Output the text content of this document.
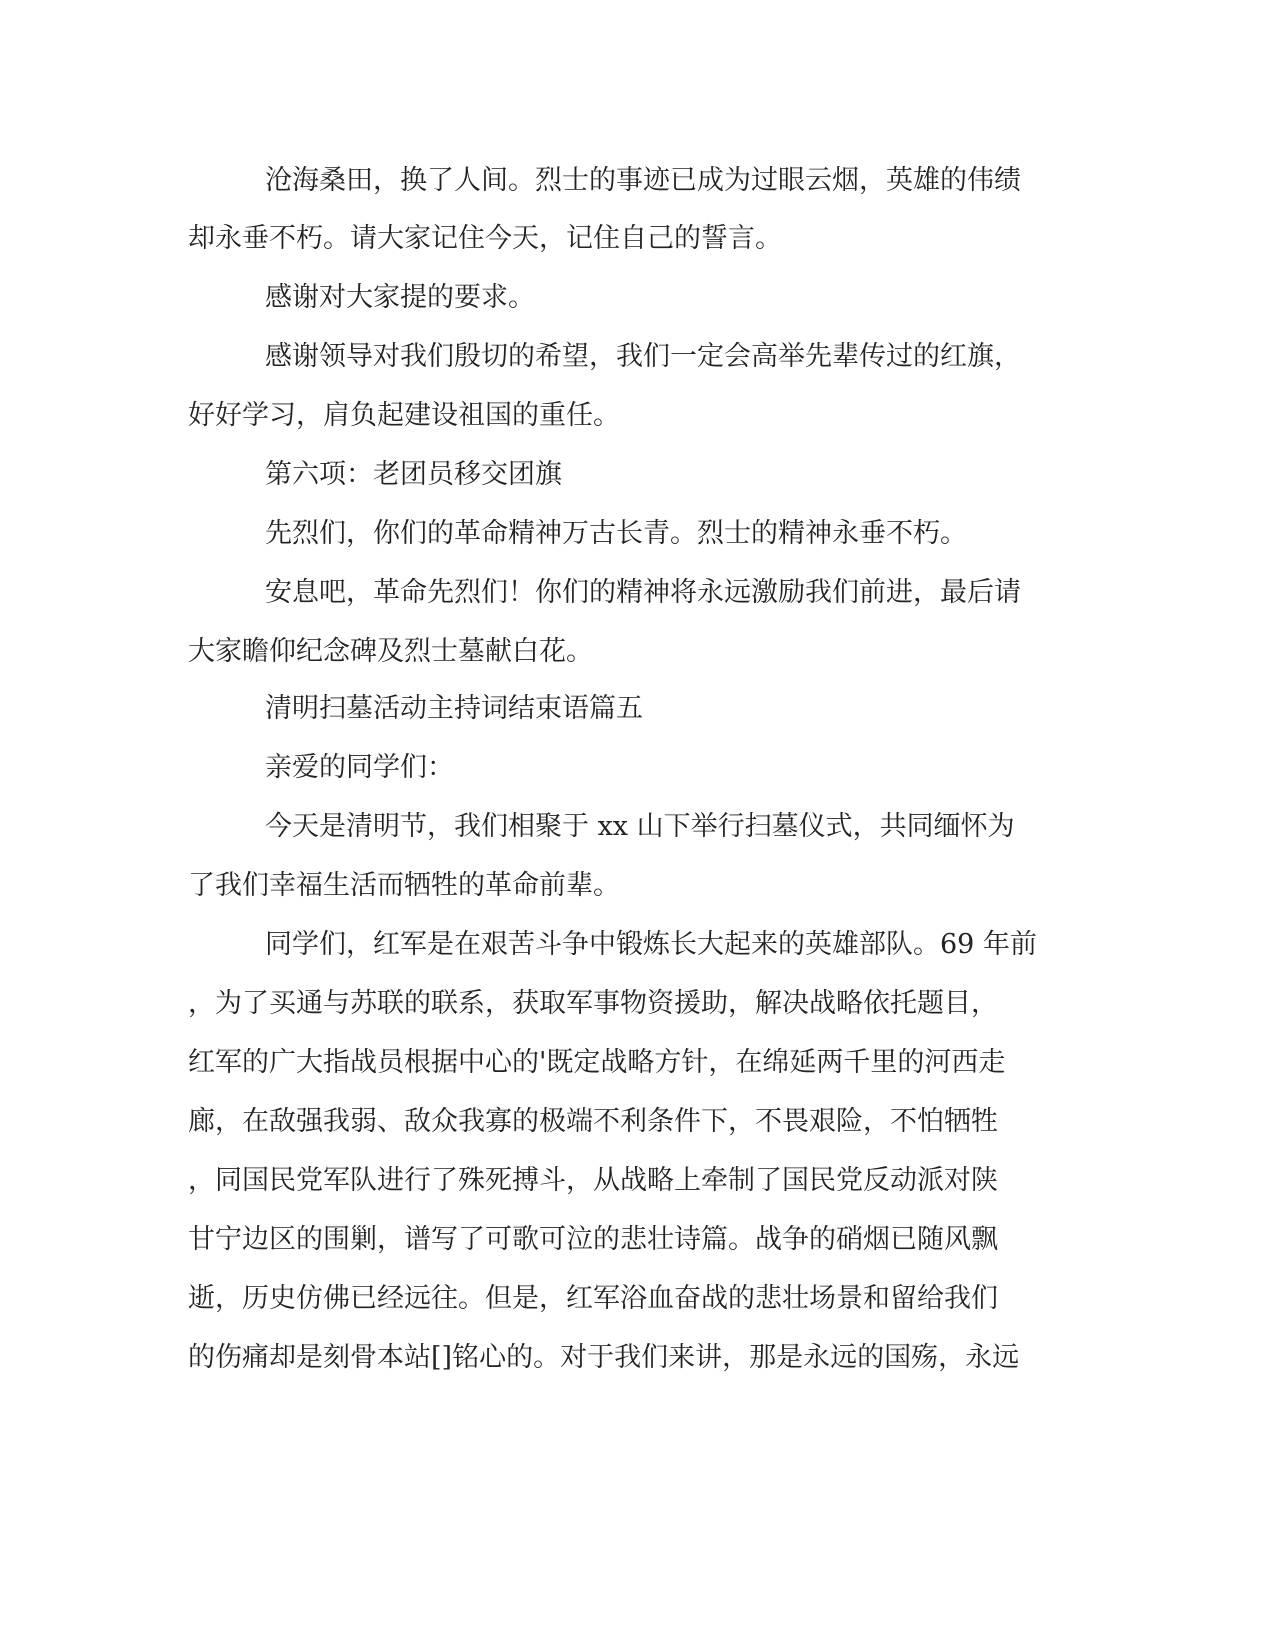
沧海桑田，换了人间。烈士的事迹已成为过眼云烟，英雄的伟绩
却永垂不朽。请大家记住今天，记住自己的誓言。
感谢对大家提的要求。
感谢领导对我们殷切的希望，我们一定会高举先辈传过的红旗，
好好学习，肩负起建设祖国的重任。
第六项：老团员移交团旗
先烈们，你们的革命精神万古长青。烈士的精神永垂不朽。
安息吧，革命先烈们！你们的精神将永远激励我们前进，最后请
大家瞻仰纪念碑及烈士墓献白花。
清明扫墓活动主持词结束语篇五
亲爱的同学们：
今天是清明节，我们相聚于 xx 山下举行扫墓仪式，共同缅怀为
了我们幸福生活而牺牲的革命前辈。
同学们，红军是在艰苦斗争中锻炼长大起来的英雄部队。69 年前
，为了买通与苏联的联系，获取军事物资援助，解决战略依托题目，
红军的广大指战员根据中心的'既定战略方针，在绵延两千里的河西走
廊，在敌强我弱、敌众我寡的极端不利条件下，不畏艰险，不怕牺牲
，同国民党军队进行了殊死搏斗，从战略上牵制了国民党反动派对陕
甘宁边区的围剿，谱写了可歌可泣的悲壮诗篇。战争的硝烟已随风飘
逝，历史仿佛已经远往。但是，红军浴血奋战的悲壮场景和留给我们
的伤痛却是刻骨本站[]铭心的。对于我们来讲，那是永远的国殇，永远
